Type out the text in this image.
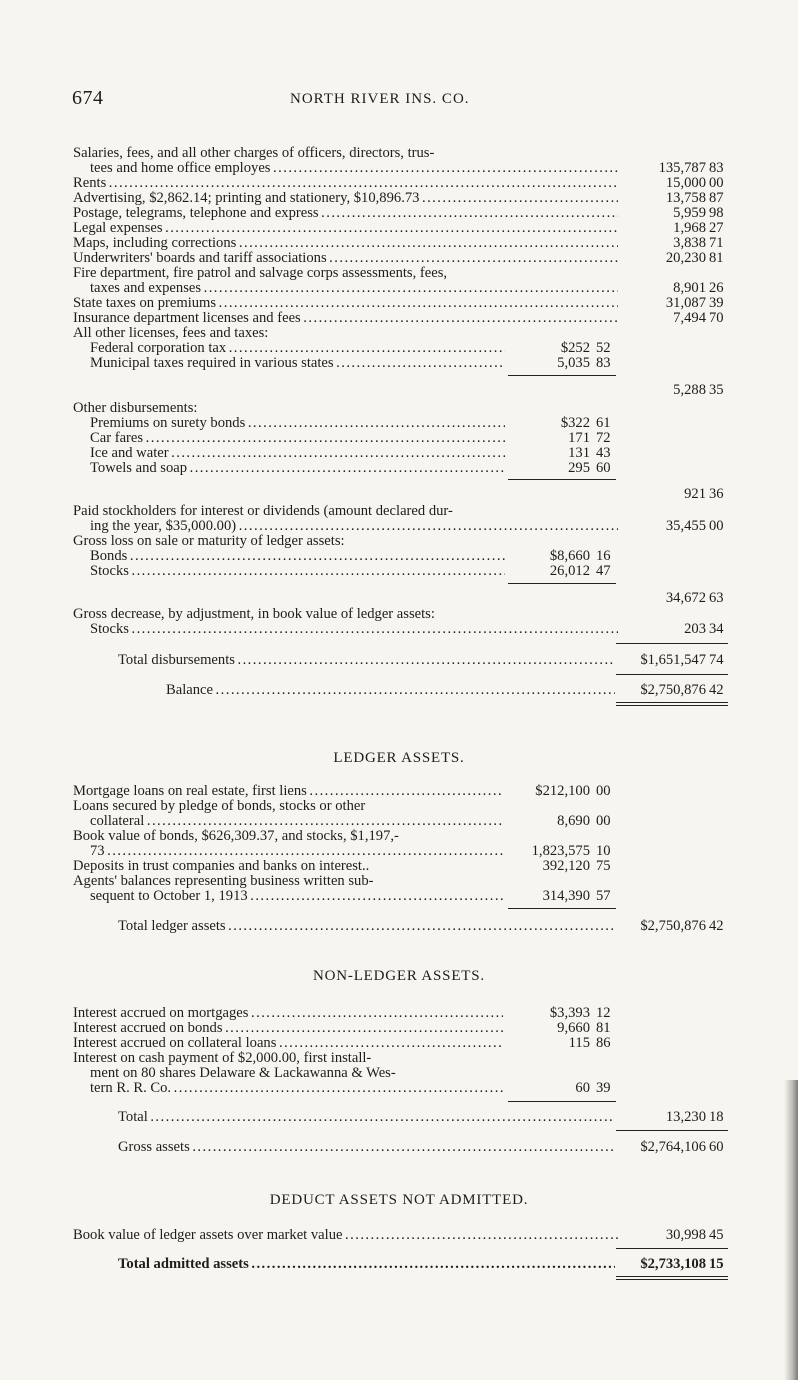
674	NORTH RIVER INS. CO.
Salaries, fees, and all other charges of officers, directors, trus-
tees and home office employes . . .	135,787 83
Rents . . .	15,000 00
Advertising, $2,862.14; printing and stationery, $10,896.73 . . .	13,758 87
Postage, telegrams, telephone and express . . .	5,959 98
Legal expenses . . .	1,968 27
Maps, including corrections . . .	3,838 71
Underwriters' boards and tariff associations . . .	20,230 81
Fire department, fire patrol and salvage corps assessments, fees,
taxes and expenses . . .	8,901 26
State taxes on premiums . . .	31,087 39
Insurance department licenses and fees . . .	7,494 70
All other licenses, fees and taxes:
Federal corporation tax . . .	$252 52
Municipal taxes required in various states . . .	5,035 83
5,288 35
Other disbursements:
Premiums on surety bonds . . .	$322 61
Car fares . . .	171 72
Ice and water . . .	131 43
Towels and soap . . .	295 60
921 36
Paid stockholders for interest or dividends (amount declared dur-
ing the year, $35,000.00) . . .	35,455 00
Gross loss on sale or maturity of ledger assets:
Bonds . . .	$8,660 16
Stocks . . .	26,012 47
34,672 63
Gross decrease, by adjustment, in book value of ledger assets:
Stocks . . .	203 34
Total disbursements . . .	$1,651,547 74
Balance . . .	$2,750,876 42
LEDGER ASSETS.
Mortgage loans on real estate, first liens . . .	$212,100 00
Loans secured by pledge of bonds, stocks or other
collateral . . .	8,690 00
Book value of bonds, $626,309.37, and stocks, $1,197,-
73 . . .	1,823,575 10
Deposits in trust companies and banks on interest..	392,120 75
Agents' balances representing business written sub-
sequent to October 1, 1913 . . .	314,390 57
Total ledger assets . . .	$2,750,876 42
NON-LEDGER ASSETS.
Interest accrued on mortgages . . .	$3,393 12
Interest accrued on bonds . . .	9,660 81
Interest accrued on collateral loans . . .	115 86
Interest on cash payment of $2,000.00, first install-
ment on 80 shares Delaware & Lackawanna & Wes-
tern R. R. Co. . . .	60 39
Total . . .	13,230 18
Gross assets . . .	$2,764,106 60
DEDUCT ASSETS NOT ADMITTED.
Book value of ledger assets over market value . . .	30,998 45
Total admitted assets . . .	$2,733,108 15
